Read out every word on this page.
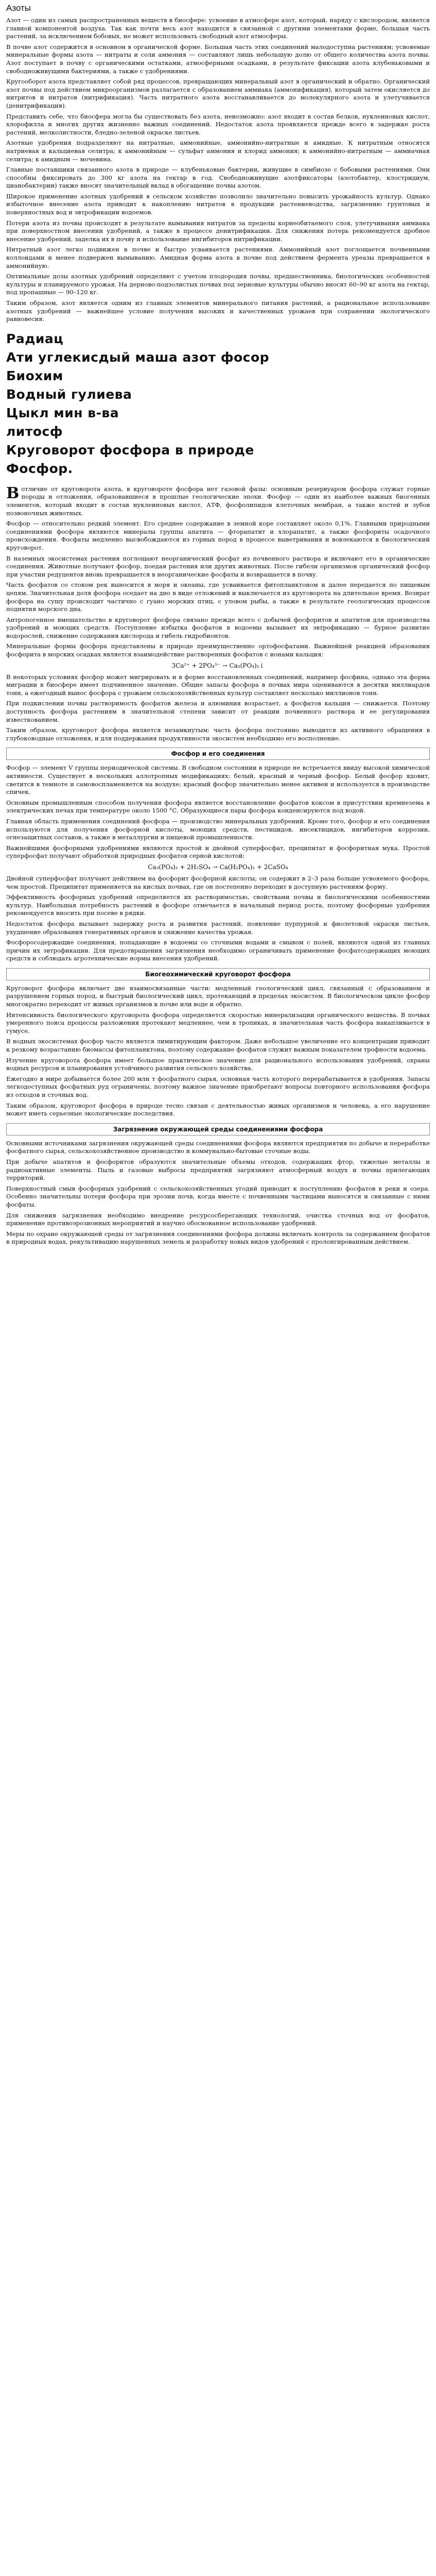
Азоты

Азот — один из самых распространенных веществ в биосфере: усвоение в атмосфере азот, который, наряду с кислородом, является главной компонентой воздуха. Так как почти весь азот находится в связанной с другими элементами форме, большая часть растений, за исключением бобовых, не может использовать свободный азот атмосферы.

В почве азот содержится в основном в органической форме. Большая часть этих соединений малодоступна растениям; усвояемые минеральные формы азота — нитраты и соли аммония — составляют лишь небольшую долю от общего количества азота почвы. Азот поступает в почву с органическими остатками, атмосферными осадками, в результате фиксации азота клубеньковыми и свободноживущими бактериями, а также с удобрениями.

Кругооборот азота представляет собой ряд процессов, превращающих минеральный азот в органический и обратно. Органический азот почвы под действием микроорганизмов разлагается с образованием аммиака (аммонификация), который затем окисляется до нитритов и нитратов (нитрификация). Часть нитратного азота восстанавливается до молекулярного азота и улетучивается (денитрификация).

Представить себе, что биосфера могла бы существовать без азота, невозможно: азот входит в состав белков, нуклеиновых кислот, хлорофилла и многих других жизненно важных соединений. Недостаток азота проявляется прежде всего в задержке роста растений, мелколистности, бледно-зеленой окраске листьев.

Азотные удобрения подразделяют на нитратные, аммонийные, аммонийно-нитратные и амидные. К нитратным относятся натриевая и кальциевая селитра; к аммонийным — сульфат аммония и хлорид аммония; к аммонийно-нитратным — аммиачная селитра; к амидным — мочевина.

Главные поставщики связанного азота в природе — клубеньковые бактерии, живущие в симбиозе с бобовыми растениями. Они способны фиксировать до 300 кг азота на гектар в год. Свободноживущие азотфиксаторы (азотобактер, клостридиум, цианобактерии) также вносят значительный вклад в обогащение почвы азотом.

Широкое применение азотных удобрений в сельском хозяйстве позволило значительно повысить урожайность культур. Однако избыточное внесение азота приводит к накоплению нитратов в продукции растениеводства, загрязнению грунтовых и поверхностных вод и эвтрофикации водоемов.

Потери азота из почвы происходят в результате вымывания нитратов за пределы корнеобитаемого слоя, улетучивания аммиака при поверхностном внесении удобрений, а также в процессе денитрификации. Для снижения потерь рекомендуется дробное внесение удобрений, заделка их в почву и использование ингибиторов нитрификации.

Нитратный азот легко подвижен в почве и быстро усваивается растениями. Аммонийный азот поглощается почвенными коллоидами и менее подвержен вымыванию. Амидная форма азота в почве под действием фермента уреазы превращается в аммонийную.

Оптимальные дозы азотных удобрений определяют с учетом плодородия почвы, предшественника, биологических особенностей культуры и планируемого урожая. На дерново-подзолистых почвах под зерновые культуры обычно вносят 60–90 кг азота на гектар, под пропашные — 90–120 кг.

Таким образом, азот является одним из главных элементов минерального питания растений, а рациональное использование азотных удобрений — важнейшее условие получения высоких и качественных урожаев при сохранении экологического равновесия.

Радиац
Ати углекисдый маша азот фосор
Биохим
Водный гулиева
Цыкл мин в-ва
литосф
Круговорот фосфора в природе
Фосфор.

Вотличие от круговорота азота, в круговороте фосфора нет газовой фазы: основным резервуаром фосфора служат горные породы и отложения, образовавшиеся в прошлые геологические эпохи. Фосфор — один из наиболее важных биогенных элементов, который входит в состав нуклеиновых кислот, АТФ, фосфолипидов клеточных мембран, а также костей и зубов позвоночных животных.

Фосфор — относительно редкий элемент. Его среднее содержание в земной коре составляет около 0,1%. Главными природными соединениями фосфора являются минералы группы апатита — фторапатит и хлорапатит, а также фосфориты осадочного происхождения. Фосфаты медленно высвобождаются из горных пород в процессе выветривания и вовлекаются в биологический круговорот.

В наземных экосистемах растения поглощают неорганический фосфат из почвенного раствора и включают его в органические соединения. Животные получают фосфор, поедая растения или других животных. После гибели организмов органический фосфор при участии редуцентов вновь превращается в неорганические фосфаты и возвращается в почву.

Часть фосфатов со стоком рек выносится в моря и океаны, где усваивается фитопланктоном и далее передается по пищевым цепям. Значительная доля фосфора оседает на дно в виде отложений и выключается из круговорота на длительное время. Возврат фосфора на сушу происходит частично с гуано морских птиц, с уловом рыбы, а также в результате геологических процессов поднятия морского дна.

Антропогенное вмешательство в круговорот фосфора связано прежде всего с добычей фосфоритов и апатитов для производства удобрений и моющих средств. Поступление избытка фосфатов в водоемы вызывает их эвтрофикацию — бурное развитие водорослей, снижение содержания кислорода и гибель гидробионтов.

Минеральные формы фосфора представлены в природе преимущественно ортофосфатами. Важнейшей реакцией образования фосфорита в морских осадках является взаимодействие растворенных фосфатов с ионами кальция:

3Ca²⁺ + 2PO₄³⁻ → Ca₃(PO₄)₂↓

В некоторых условиях фосфор может мигрировать и в форме восстановленных соединений, например фосфина, однако эта форма миграции в биосфере имеет подчиненное значение. Общие запасы фосфора в почвах мира оцениваются в десятки миллиардов тонн, а ежегодный вынос фосфора с урожаем сельскохозяйственных культур составляет несколько миллионов тонн.

При подкислении почвы растворимость фосфатов железа и алюминия возрастает, а фосфатов кальция — снижается. Поэтому доступность фосфора растениям в значительной степени зависит от реакции почвенного раствора и ее регулирования известкованием.

Таким образом, круговорот фосфора является незамкнутым: часть фосфора постоянно выводится из активного обращения в глубоководные отложения, и для поддержания продуктивности экосистем необходимо его восполнение.

Фосфор и его соединения

Фосфор — элемент V группы периодической системы. В свободном состоянии в природе не встречается ввиду высокой химической активности. Существует в нескольких аллотропных модификациях: белый, красный и черный фосфор. Белый фосфор ядовит, светится в темноте и самовоспламеняется на воздухе; красный фосфор значительно менее активен и используется в производстве спичек.

Основным промышленным способом получения фосфора является восстановление фосфатов коксом в присутствии кремнезема в электрических печах при температуре около 1500 °С. Образующиеся пары фосфора конденсируются под водой.

Главная область применения соединений фосфора — производство минеральных удобрений. Кроме того, фосфор и его соединения используются для получения фосфорной кислоты, моющих средств, пестицидов, инсектицидов, ингибиторов коррозии, огнезащитных составов, а также в металлургии и пищевой промышленности.

Важнейшими фосфорными удобрениями являются простой и двойной суперфосфат, преципитат и фосфоритная мука. Простой суперфосфат получают обработкой природных фосфатов серной кислотой:

Ca₃(PO₄)₂ + 2H₂SO₄ → Ca(H₂PO₄)₂ + 2CaSO₄

Двойной суперфосфат получают действием на фосфорит фосфорной кислоты; он содержит в 2–3 раза больше усвояемого фосфора, чем простой. Преципитат применяется на кислых почвах, где он постепенно переходит в доступную растениям форму.

Эффективность фосфорных удобрений определяется их растворимостью, свойствами почвы и биологическими особенностями культур. Наибольшая потребность растений в фосфоре отмечается в начальный период роста, поэтому фосфорные удобрения рекомендуется вносить при посеве в рядки.

Недостаток фосфора вызывает задержку роста и развития растений, появление пурпурной и фиолетовой окраски листьев, ухудшение образования генеративных органов и снижение качества урожая.

Фосфоросодержащие соединения, попадающие в водоемы со сточными водами и смывом с полей, являются одной из главных причин их эвтрофикации. Для предотвращения загрязнения необходимо ограничивать применение фосфатсодержащих моющих средств и соблюдать агротехнические нормы внесения удобрений.

Биогеохимический круговорот фосфора

Круговорот фосфора включает две взаимосвязанные части: медленный геологический цикл, связанный с образованием и разрушением горных пород, и быстрый биологический цикл, протекающий в пределах экосистем. В биологическом цикле фосфор многократно переходит от живых организмов к почве или воде и обратно.

Интенсивность биологического круговорота фосфора определяется скоростью минерализации органического вещества. В почвах умеренного пояса процессы разложения протекают медленнее, чем в тропиках, и значительная часть фосфора накапливается в гумусе.

В водных экосистемах фосфор часто является лимитирующим фактором. Даже небольшое увеличение его концентрации приводит к резкому возрастанию биомассы фитопланктона, поэтому содержание фосфатов служит важным показателем трофности водоема.

Изучение круговорота фосфора имеет большое практическое значение для рационального использования удобрений, охраны водных ресурсов и планирования устойчивого развития сельского хозяйства.

Ежегодно в мире добывается более 200 млн т фосфатного сырья, основная часть которого перерабатывается в удобрения. Запасы легкодоступных фосфатных руд ограничены, поэтому важное значение приобретают вопросы повторного использования фосфора из отходов и сточных вод.

Таким образом, круговорот фосфора в природе тесно связан с деятельностью живых организмов и человека, а его нарушение может иметь серьезные экологические последствия.

Загрязнение окружающей среды соединениями фосфора

Основными источниками загрязнения окружающей среды соединениями фосфора являются предприятия по добыче и переработке фосфатного сырья, сельскохозяйственное производство и коммунально-бытовые сточные воды.

При добыче апатитов и фосфоритов образуются значительные объемы отходов, содержащих фтор, тяжелые металлы и радиоактивные элементы. Пыль и газовые выбросы предприятий загрязняют атмосферный воздух и почвы прилегающих территорий.

Поверхностный смыв фосфорных удобрений с сельскохозяйственных угодий приводит к поступлению фосфатов в реки и озера. Особенно значительны потери фосфора при эрозии почв, когда вместе с почвенными частицами выносятся и связанные с ними фосфаты.

Для снижения загрязнения необходимо внедрение ресурсосберегающих технологий, очистка сточных вод от фосфатов, применение противоэрозионных мероприятий и научно обоснованное использование удобрений.

Меры по охране окружающей среды от загрязнения соединениями фосфора должны включать контроль за содержанием фосфатов в природных водах, рекультивацию нарушенных земель и разработку новых видов удобрений с пролонгированным действием.
